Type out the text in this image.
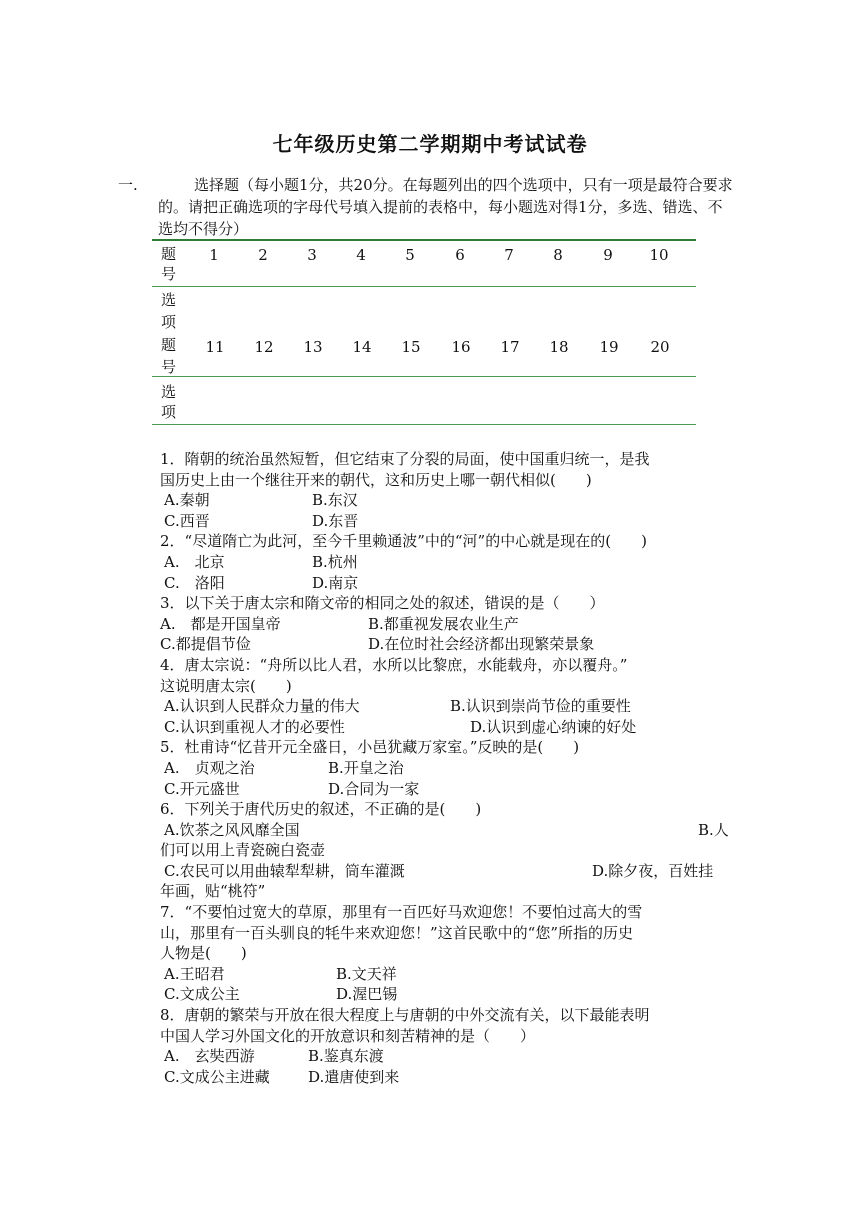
七年级历史第二学期期中考试试卷
一.	选择题（每小题1分，共20分。在每题列出的四个选项中，只有一项是最符合要求的。请把正确选项的字母代号填入提前的表格中，每小题选对得1分，多选、错选、不选均不得分）
题
号
1	2	3	4	5	6	7	8	9	10
选
项
题
号
11	12	13	14	15	16	17	18	19	20
选
项
1．隋朝的统治虽然短暂，但它结束了分裂的局面，使中国重归统一，是我
国历史上由一个继往开来的朝代，这和历史上哪一朝代相似(　　)
A.秦朝	B.东汉
C.西晋	D.东晋
2．“尽道隋亡为此河，至今千里赖通波”中的“河”的中心就是现在的(　　)
A.　北京	B.杭州
C.　洛阳	D.南京
3．以下关于唐太宗和隋文帝的相同之处的叙述，错误的是（　　）
A.　都是开国皇帝	B.都重视发展农业生产
C.都提倡节俭	D.在位时社会经济都出现繁荣景象
4．唐太宗说：“舟所以比人君，水所以比黎庶，水能载舟，亦以覆舟。”
这说明唐太宗(　　)
A.认识到人民群众力量的伟大	B.认识到崇尚节俭的重要性
C.认识到重视人才的必要性	D.认识到虚心纳谏的好处
5．杜甫诗“忆昔开元全盛日，小邑犹藏万家室。”反映的是(　　)
A.　贞观之治	B.开皇之治
C.开元盛世	D.合同为一家
6．下列关于唐代历史的叙述，不正确的是(　　)
A.饮茶之风风靡全国	B.人
们可以用上青瓷碗白瓷壶
C.农民可以用曲辕犁犁耕，筒车灌溉	D.除夕夜，百姓挂
年画，贴“桃符”
7．“不要怕过宽大的草原，那里有一百匹好马欢迎您！不要怕过高大的雪
山，那里有一百头驯良的牦牛来欢迎您！”这首民歌中的“您”所指的历史
人物是(　　)
A.王昭君	B.文天祥
C.文成公主	D.渥巴锡
8．唐朝的繁荣与开放在很大程度上与唐朝的中外交流有关，以下最能表明
中国人学习外国文化的开放意识和刻苦精神的是（　　）
A.　玄奘西游	B.鉴真东渡
C.文成公主进藏	D.遣唐使到来
